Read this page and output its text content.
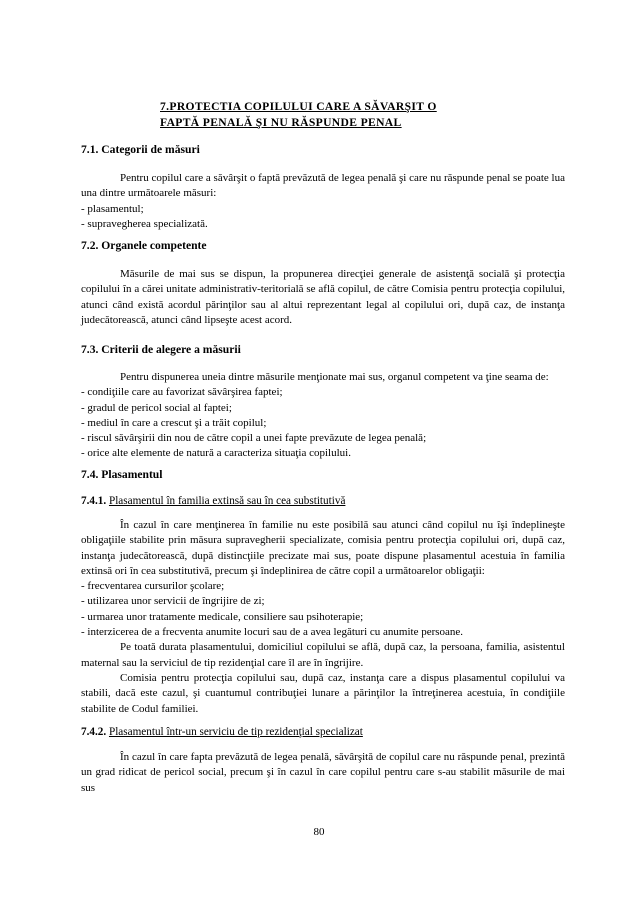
7.PROTECTIA COPILULUI CARE A SĂVARŞIT O
FAPTĂ PENALĂ ŞI NU RĂSPUNDE PENAL
7.1. Categorii de măsuri

Pentru copilul care a săvârşit o faptă prevăzută de legea penală şi care nu răspunde penal se poate lua una dintre următoarele măsuri:

- plasamentul;

- supravegherea specializată.

7.2. Organele competente

Măsurile de mai sus se dispun, la propunerea direcţiei generale de asistenţă socială şi protecţia copilului în a cărei unitate administrativ-teritorială se află copilul, de către Comisia pentru protecţia copilului, atunci când există acordul părinţilor sau al altui reprezentant legal al copilului ori, după caz, de instanţa judecătorească, atunci când lipseşte acest acord.

7.3. Criterii de alegere a măsurii

Pentru dispunerea uneia dintre măsurile menţionate mai sus, organul competent va ţine seama de:

- condiţiile care au favorizat săvârşirea faptei;

- gradul de pericol social al faptei;

- mediul în care a crescut şi a trăit copilul;

- riscul săvârşirii din nou de către copil a unei fapte prevăzute de legea penală;

- orice alte elemente de natură a caracteriza situaţia copilului.

7.4. Plasamentul
7.4.1. Plasamentul în familia extinsă sau în cea substitutivă

În cazul în care menţinerea în familie nu este posibilă sau atunci când copilul nu îşi îndeplineşte obligaţiile stabilite prin măsura supravegherii specializate, comisia pentru protecţia copilului ori, după caz, instanţa judecătorească, după distincţiile precizate mai sus, poate dispune plasamentul acestuia în familia extinsă ori în cea substitutivă, precum şi îndeplinirea de către copil a următoarelor obligaţii:

- frecventarea cursurilor şcolare;

- utilizarea unor servicii de îngrijire de zi;

- urmarea unor tratamente medicale, consiliere sau psihoterapie;

- interzicerea de a frecventa anumite locuri sau de a avea legături cu anumite persoane.

Pe toată durata plasamentului, domiciliul copilului se află, după caz, la persoana, familia, asistentul maternal sau la serviciul de tip rezidenţial care îl are în îngrijire.

Comisia pentru protecţia copilului sau, după caz, instanţa care a dispus plasamentul copilului va stabili, dacă este cazul, şi cuantumul contribuţiei lunare a părinţilor la întreţinerea acestuia, în condiţiile stabilite de Codul familiei.

7.4.2. Plasamentul într-un serviciu de tip rezidenţial specializat

În cazul în care fapta prevăzută de legea penală, săvârşită de copilul care nu răspunde penal, prezintă un grad ridicat de pericol social, precum şi în cazul în care copilul pentru care s-au stabilit măsurile de mai sus

80
